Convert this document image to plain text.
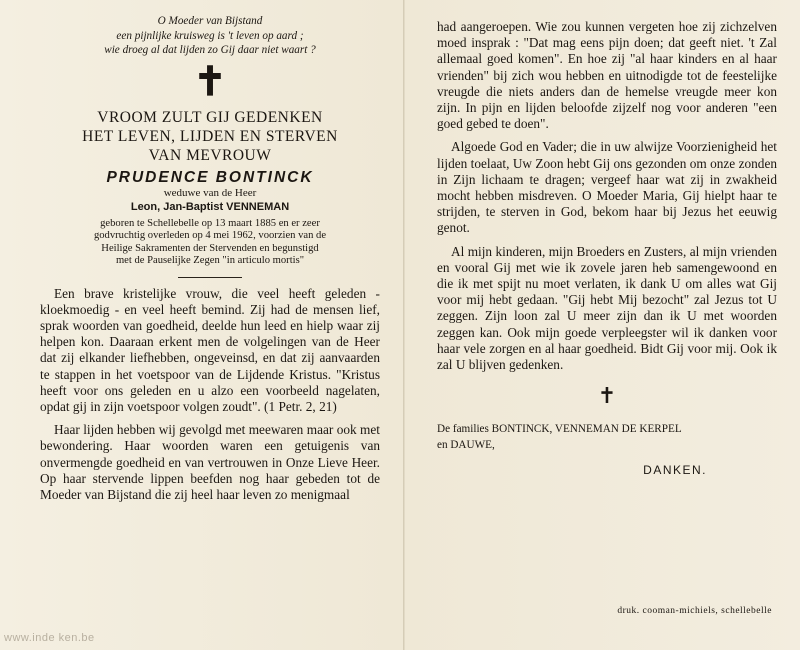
O Moeder van Bijstand
een pijnlijke kruisweg is 't leven op aard ;
wie droeg al dat lijden zo Gij daar niet waart ?
✝
VROOM ZULT GIJ GEDENKEN
HET LEVEN, LIJDEN EN STERVEN
VAN MEVROUW
PRUDENCE BONTINCK
weduwe van de Heer
Leon, Jan-Baptist VENNEMAN
geboren te Schellebelle op 13 maart 1885 en er zeer
godvruchtig overleden op 4 mei 1962, voorzien van de
Heilige Sakramenten der Stervenden en begunstigd
met de Pauselijke Zegen "in articulo mortis"

Een brave kristelijke vrouw, die veel heeft geleden - kloekmoedig - en veel heeft bemind. Zij had de mensen lief, sprak woorden van goedheid, deelde hun leed en hielp waar zij helpen kon. Daaraan erkent men de volgelingen van de Heer dat zij elkander liefhebben, ongeveinsd, en dat zij aanvaarden te stappen in het voetspoor van de Lijdende Kristus. "Kristus heeft voor ons geleden en u alzo een voorbeeld nagelaten, opdat gij in zijn voetspoor volgen zoudt". (1 Petr. 2, 21)

Haar lijden hebben wij gevolgd met meewaren maar ook met bewondering. Haar woorden waren een getuigenis van onvermengde goedheid en van vertrouwen in Onze Lieve Heer. Op haar stervende lippen beefden nog haar gebeden tot de Moeder van Bijstand die zij heel haar leven zo menigmaal

had aangeroepen. Wie zou kunnen vergeten hoe zij zichzelven moed insprak : "Dat mag eens pijn doen; dat geeft niet. 't Zal allemaal goed komen". En hoe zij "al haar kinders en al haar vrienden" bij zich wou hebben en uitnodigde tot de feestelijke vreugde die niets anders dan de hemelse vreugde meer kon zijn. In pijn en lijden beloofde zijzelf nog voor anderen "een goed gebed te doen".

Algoede God en Vader; die in uw alwijze Voorzienigheid het lijden toelaat, Uw Zoon hebt Gij ons gezonden om onze zonden in Zijn lichaam te dragen; vergeef haar wat zij in zwakheid mocht hebben misdreven. O Moeder Maria, Gij hielpt haar te strijden, te sterven in God, bekom haar bij Jezus het eeuwig genot.

Al mijn kinderen, mijn Broeders en Zusters, al mijn vrienden en vooral Gij met wie ik zovele jaren heb samengewoond en die ik met spijt nu moet verlaten, ik dank U om alles wat Gij voor mij hebt gedaan. "Gij hebt Mij bezocht" zal Jezus tot U zeggen. Zijn loon zal U meer zijn dan ik U met woorden zeggen kan. Ook mijn goede verpleegster wil ik danken voor haar vele zorgen en al haar goedheid. Bidt Gij voor mij. Ook ik zal U blijven gedenken.

✝
De families BONTINCK, VENNEMAN DE KERPEL
en DAUWE,
DANKEN.
druk. cooman-michiels, schellebelle
www.inde ken.be
